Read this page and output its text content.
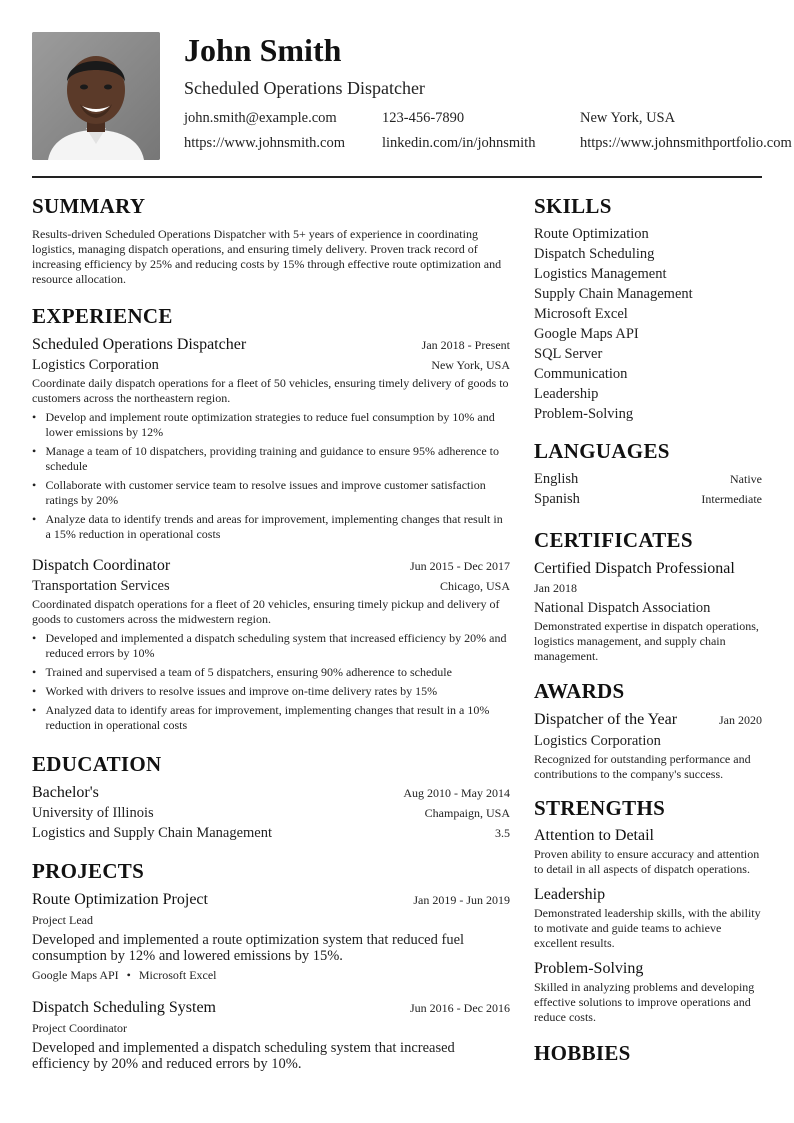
John Smith
Scheduled Operations Dispatcher
john.smith@example.com	123-456-7890	New York, USA
https://www.johnsmith.com	linkedin.com/in/johnsmith	https://www.johnsmithportfolio.com
SUMMARY
Results-driven Scheduled Operations Dispatcher with 5+ years of experience in coordinating logistics, managing dispatch operations, and ensuring timely delivery. Proven track record of increasing efficiency by 25% and reducing costs by 15% through effective route optimization and resource allocation.
EXPERIENCE
Scheduled Operations Dispatcher	Jan 2018 - Present
Logistics Corporation	New York, USA
Coordinate daily dispatch operations for a fleet of 50 vehicles, ensuring timely delivery of goods to customers across the northeastern region.
• Develop and implement route optimization strategies to reduce fuel consumption by 10% and lower emissions by 12%
• Manage a team of 10 dispatchers, providing training and guidance to ensure 95% adherence to schedule
• Collaborate with customer service team to resolve issues and improve customer satisfaction ratings by 20%
• Analyze data to identify trends and areas for improvement, implementing changes that result in a 15% reduction in operational costs
Dispatch Coordinator	Jun 2015 - Dec 2017
Transportation Services	Chicago, USA
Coordinated dispatch operations for a fleet of 20 vehicles, ensuring timely pickup and delivery of goods to customers across the midwestern region.
• Developed and implemented a dispatch scheduling system that increased efficiency by 20% and reduced errors by 10%
• Trained and supervised a team of 5 dispatchers, ensuring 90% adherence to schedule
• Worked with drivers to resolve issues and improve on-time delivery rates by 15%
• Analyzed data to identify areas for improvement, implementing changes that result in a 10% reduction in operational costs
EDUCATION
Bachelor's	Aug 2010 - May 2014
University of Illinois	Champaign, USA
Logistics and Supply Chain Management	3.5
PROJECTS
Route Optimization Project	Jan 2019 - Jun 2019
Project Lead
Developed and implemented a route optimization system that reduced fuel consumption by 12% and lowered emissions by 15%.
Google Maps API • Microsoft Excel
Dispatch Scheduling System	Jun 2016 - Dec 2016
Project Coordinator
Developed and implemented a dispatch scheduling system that increased efficiency by 20% and reduced errors by 10%.
SKILLS
Route Optimization
Dispatch Scheduling
Logistics Management
Supply Chain Management
Microsoft Excel
Google Maps API
SQL Server
Communication
Leadership
Problem-Solving
LANGUAGES
English	Native
Spanish	Intermediate
CERTIFICATES
Certified Dispatch Professional
Jan 2018
National Dispatch Association
Demonstrated expertise in dispatch operations, logistics management, and supply chain management.
AWARDS
Dispatcher of the Year	Jan 2020
Logistics Corporation
Recognized for outstanding performance and contributions to the company's success.
STRENGTHS
Attention to Detail
Proven ability to ensure accuracy and attention to detail in all aspects of dispatch operations.
Leadership
Demonstrated leadership skills, with the ability to motivate and guide teams to achieve excellent results.
Problem-Solving
Skilled in analyzing problems and developing effective solutions to improve operations and reduce costs.
HOBBIES
